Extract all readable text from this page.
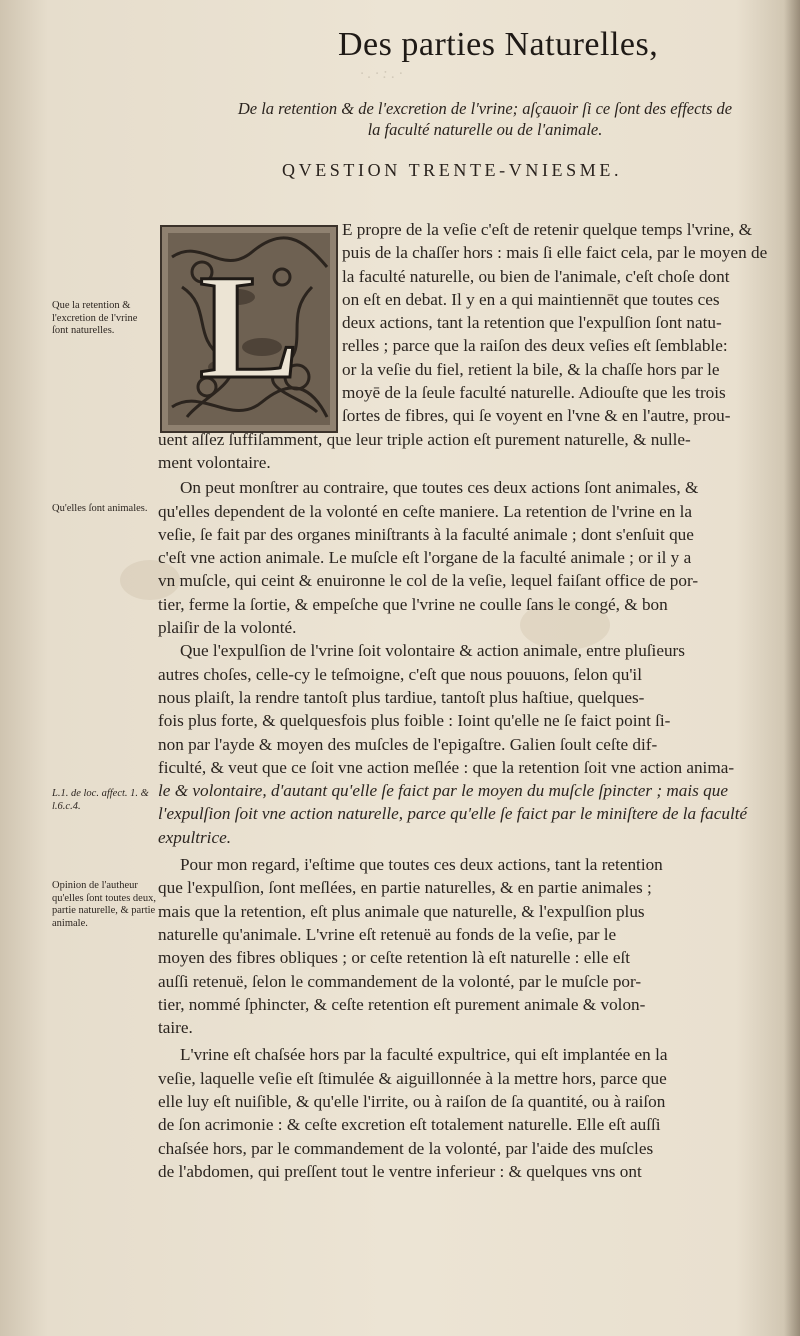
· . · : . ·
Des parties Naturelles,
De la retention & de l'excretion de l'vrine; aſçauoir ſi ce ſont des effects de
la faculté naturelle ou de l'animale.
QVESTION TRENTE-VNIESME.
L
Que la retention & l'excretion de l'vrine ſont naturelles.
Qu'elles ſont animales.
L.1. de loc. affect. 1. & l.6.c.4.
Opinion de l'autheur qu'elles ſont toutes deux, partie naturelle, & partie animale.

E propre de la veſie c'eſt de retenir quelque temps l'vrine, &
puis de la chaſſer hors : mais ſi elle faict cela, par le moyen de
la faculté naturelle, ou bien de l'animale, c'eſt choſe dont
on eſt en debat. Il y en a qui maintiennēt que toutes ces
deux actions, tant la retention que l'expulſion ſont natu-
relles ; parce que la raiſon des deux veſies eſt ſemblable:
or la veſie du fiel, retient la bile, & la chaſſe hors par le
moyē de la ſeule faculté naturelle. Adiouſte que les trois
ſortes de fibres, qui ſe voyent en l'vne & en l'autre, prou-
uent aſſez ſuffiſamment, que leur triple action eſt purement naturelle, & nulle-
ment volontaire.

On peut monſtrer au contraire, que toutes ces deux actions ſont animales, &
qu'elles dependent de la volonté en ceſte maniere. La retention de l'vrine en la
veſie, ſe fait par des organes miniſtrants à la faculté animale ; dont s'enſuit que
c'eſt vne action animale. Le muſcle eſt l'organe de la faculté animale ; or il y a
vn muſcle, qui ceint & enuironne le col de la veſie, lequel faiſant office de por-
tier, ferme la ſortie, & empeſche que l'vrine ne coulle ſans le congé, & bon
plaiſir de la volonté.

Que l'expulſion de l'vrine ſoit volontaire & action animale, entre pluſieurs
autres choſes, celle-cy le teſmoigne, c'eſt que nous pouuons, ſelon qu'il
nous plaiſt, la rendre tantoſt plus tardiue, tantoſt plus haſtiue, quelques-
fois plus forte, & quelquesfois plus foible : Ioint qu'elle ne ſe faict point ſi-
non par l'ayde & moyen des muſcles de l'epigaſtre. Galien ſoult ceſte dif-
ficulté, & veut que ce ſoit vne action meſlée : que la retention ſoit vne action anima-
le & volontaire, d'autant qu'elle ſe faict par le moyen du muſcle ſpincter ; mais que
l'expulſion ſoit vne action naturelle, parce qu'elle ſe faict par le miniſtere de la faculté
expultrice.

Pour mon regard, i'eſtime que toutes ces deux actions, tant la retention
que l'expulſion, ſont meſlées, en partie naturelles, & en partie animales ;
mais que la retention, eſt plus animale que naturelle, & l'expulſion plus
naturelle qu'animale. L'vrine eſt retenuë au fonds de la veſie, par le
moyen des fibres obliques ; or ceſte retention là eſt naturelle : elle eſt
auſſi retenuë, ſelon le commandement de la volonté, par le muſcle por-
tier, nommé ſphincter, & ceſte retention eſt purement animale & volon-
taire.

L'vrine eſt chaſsée hors par la faculté expultrice, qui eſt implantée en la
veſie, laquelle veſie eſt ſtimulée & aiguillonnée à la mettre hors, parce que
elle luy eſt nuiſible, & qu'elle l'irrite, ou à raiſon de ſa quantité, ou à raiſon
de ſon acrimonie : & ceſte excretion eſt totalement naturelle. Elle eſt auſſi
chaſsée hors, par le commandement de la volonté, par l'aide des muſcles
de l'abdomen, qui preſſent tout le ventre inferieur : & quelques vns ont
